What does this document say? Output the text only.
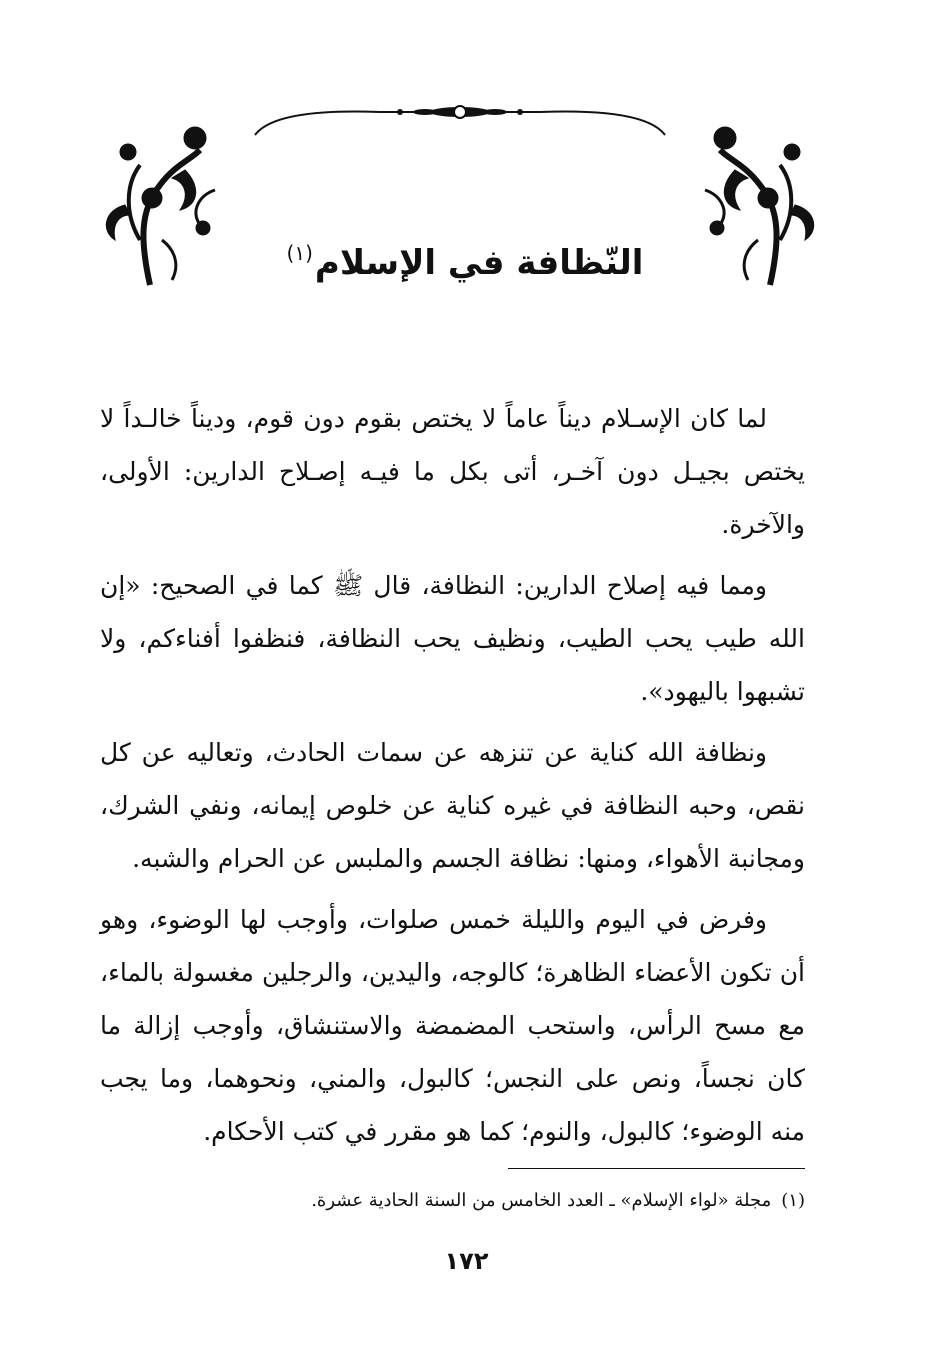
النّظافة في الإسلام$^{(١)}$

لما كان الإسـلام ديناً عاماً لا يختص بقوم دون قوم، وديناً خالـداً لا يختص بجيـل دون آخـر، أتى بكل ما فيـه إصـلاح الدارين: الأولى، والآخرة.

ومما فيه إصلاح الدارين: النظافة، قال ﷺ كما في الصحيح: «إن الله طيب يحب الطيب، ونظيف يحب النظافة، فنظفوا أفناءكم، ولا تشبهوا باليهود».

ونظافة الله كناية عن تنزهه عن سمات الحادث، وتعاليه عن كل نقص، وحبه النظافة في غيره كناية عن خلوص إيمانه، ونفي الشرك، ومجانبة الأهواء، ومنها: نظافة الجسم والملبس عن الحرام والشبه.

وفرض في اليوم والليلة خمس صلوات، وأوجب لها الوضوء، وهو أن تكون الأعضاء الظاهرة؛ كالوجه، واليدين، والرجلين مغسولة بالماء، مع مسح الرأس، واستحب المضمضة والاستنشاق، وأوجب إزالة ما كان نجساً، ونص على النجس؛ كالبول، والمني، ونحوهما، وما يجب منه الوضوء؛ كالبول، والنوم؛ كما هو مقرر في كتب الأحكام.

(١)مجلة «لواء الإسلام» ـ العدد الخامس من السنة الحادية عشرة.
١٧٢
